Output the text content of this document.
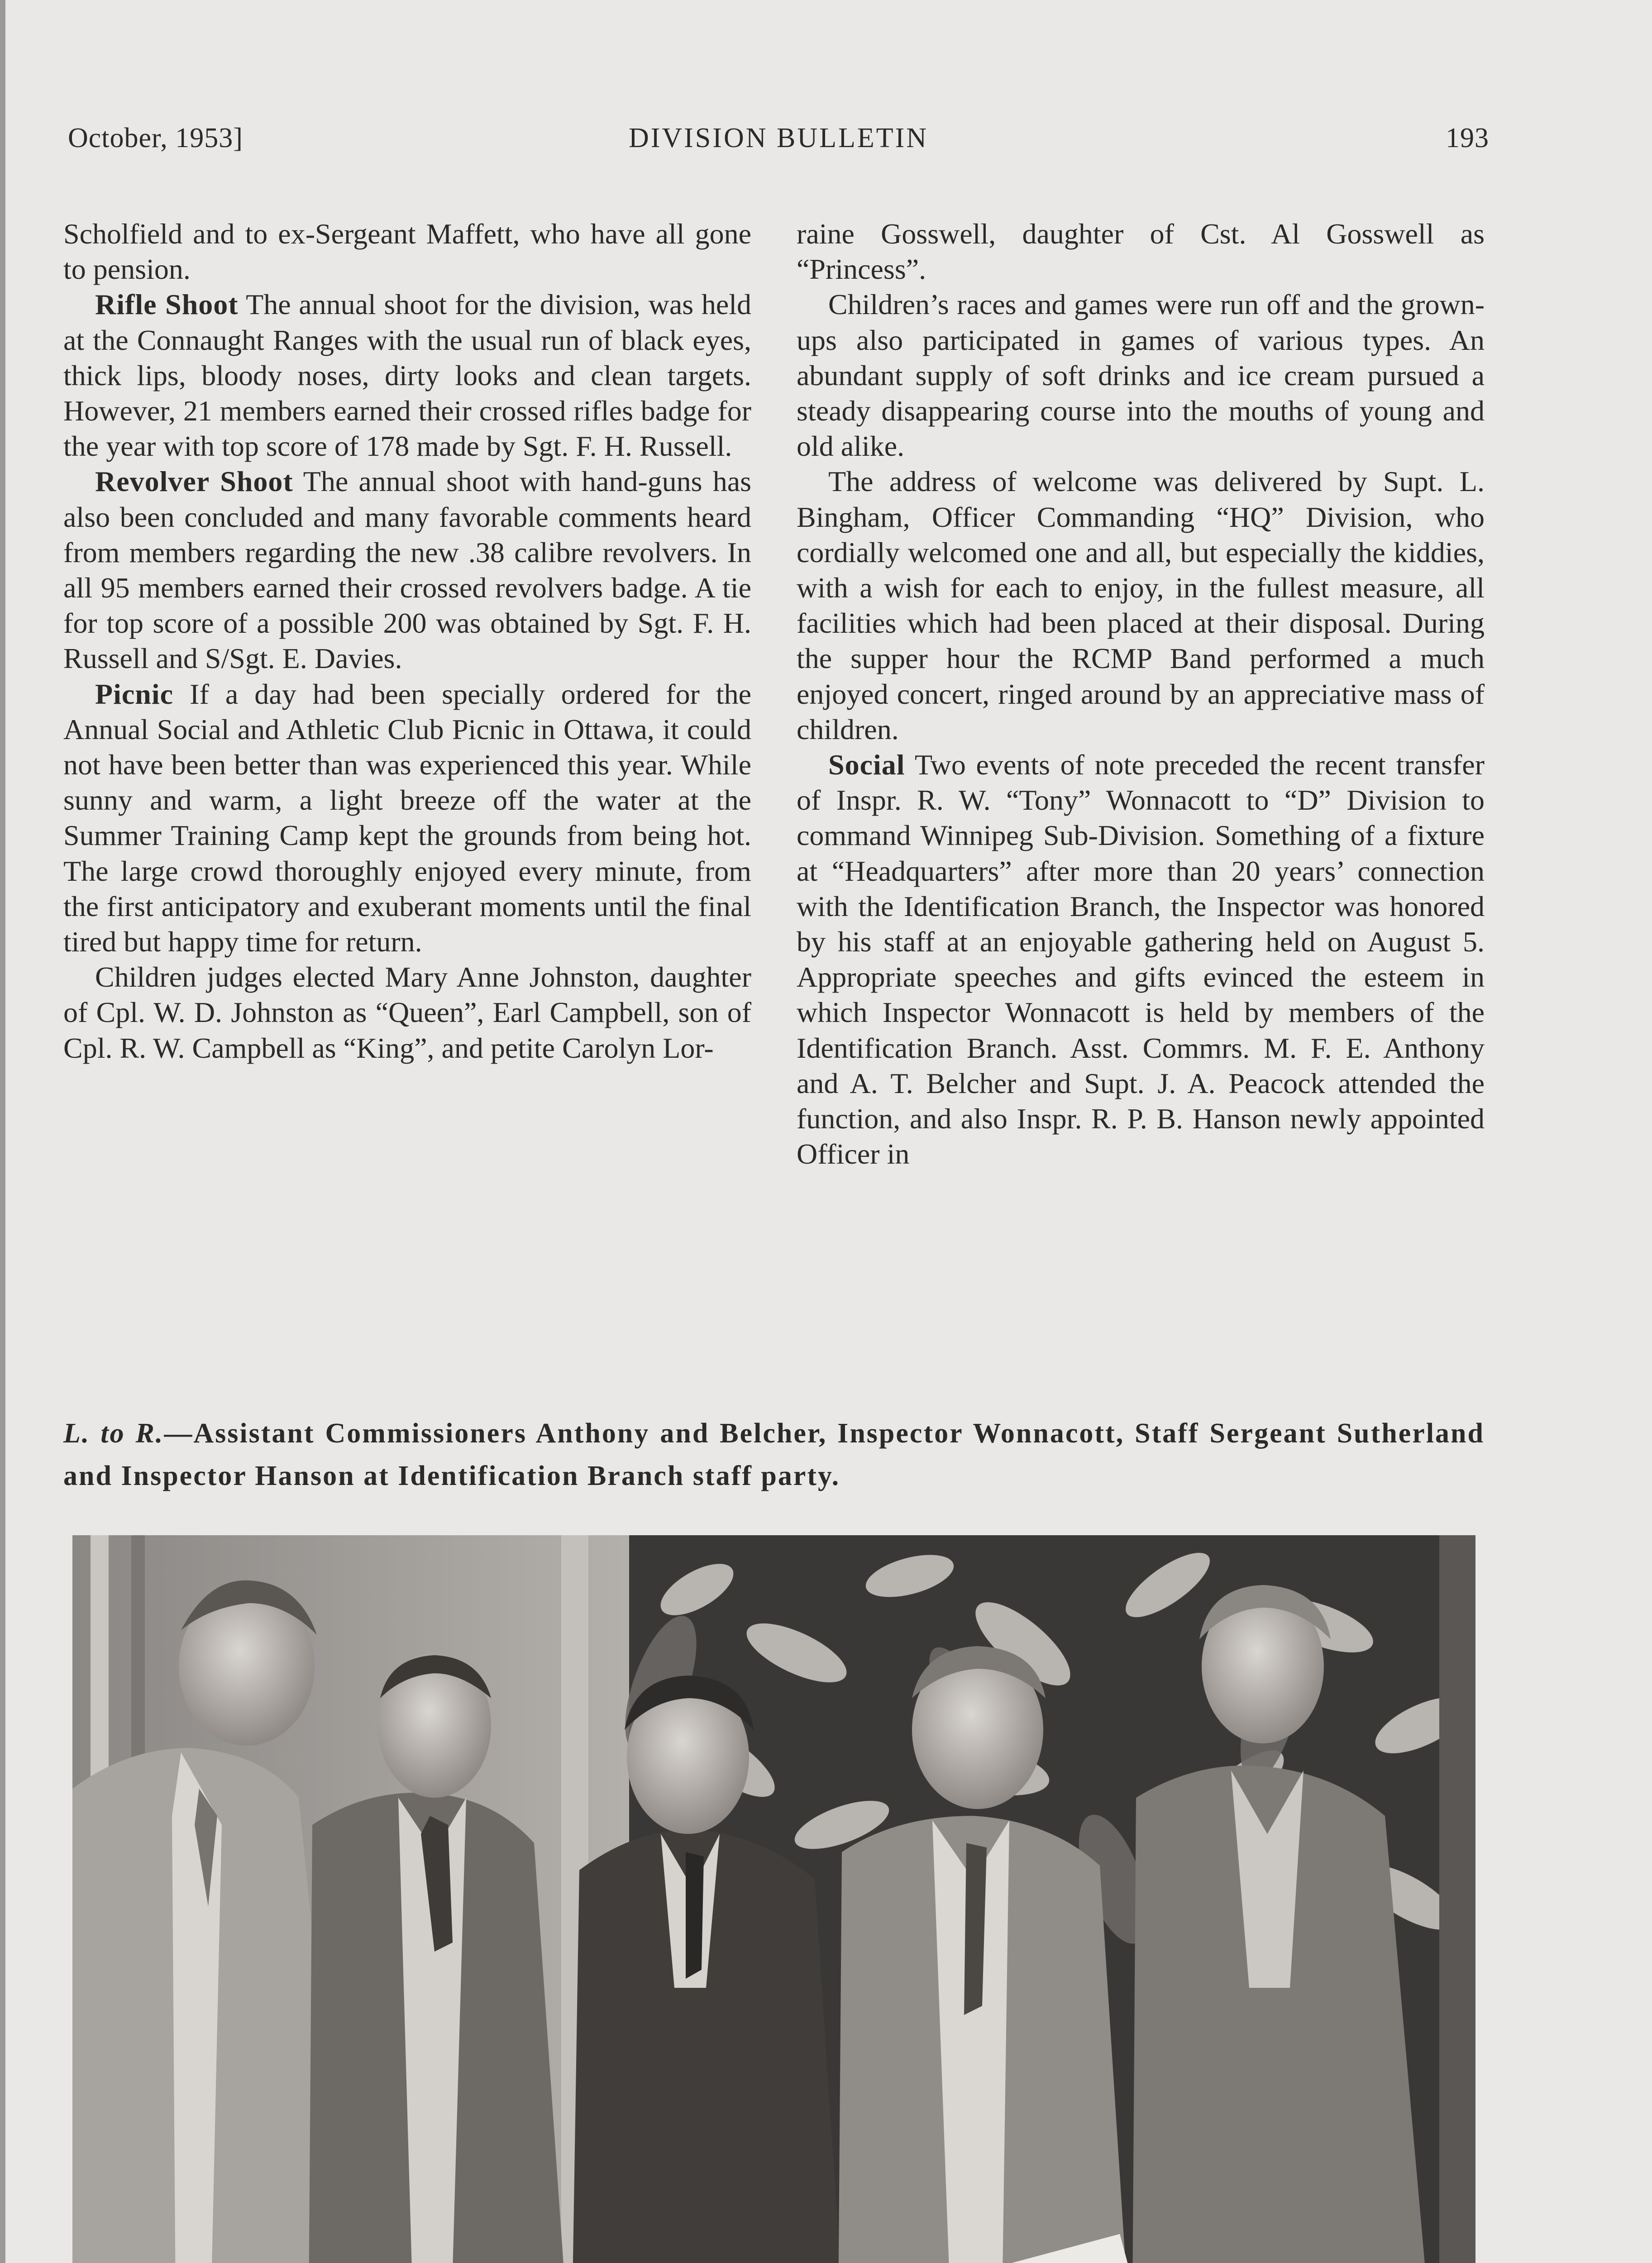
DIVISION BULLETIN
October, 1953]	193

Scholfield and to ex-Sergeant Maffett, who have all gone to pension.

Rifle Shoot The annual shoot for the division, was held at the Connaught Ranges with the usual run of black eyes, thick lips, bloody noses, dirty looks and clean targets. However, 21 members earned their crossed rifles badge for the year with top score of 178 made by Sgt. F. H. Russell.

Revolver Shoot The annual shoot with hand-guns has also been concluded and many favorable comments heard from members regarding the new .38 calibre revolvers. In all 95 members earned their crossed revolvers badge. A tie for top score of a possible 200 was obtained by Sgt. F. H. Russell and S/Sgt. E. Davies.

Picnic If a day had been specially ordered for the Annual Social and Athletic Club Picnic in Ottawa, it could not have been better than was experienced this year. While sunny and warm, a light breeze off the water at the Summer Training Camp kept the grounds from being hot. The large crowd thoroughly enjoyed every minute, from the first anticipatory and exuberant moments until the final tired but happy time for return.

Children judges elected Mary Anne Johnston, daughter of Cpl. W. D. Johnston as “Queen”, Earl Campbell, son of Cpl. R. W. Campbell as “King”, and petite Carolyn Lor-

raine Gosswell, daughter of Cst. Al Gosswell as “Princess”.

Children’s races and games were run off and the grown-ups also participated in games of various types. An abundant supply of soft drinks and ice cream pursued a steady disappearing course into the mouths of young and old alike.

The address of welcome was delivered by Supt. L. Bingham, Officer Commanding “HQ” Division, who cordially welcomed one and all, but especially the kiddies, with a wish for each to enjoy, in the fullest measure, all facilities which had been placed at their disposal. During the supper hour the RCMP Band performed a much enjoyed concert, ringed around by an appreciative mass of children.

Social Two events of note preceded the recent transfer of Inspr. R. W. “Tony” Wonnacott to “D” Division to command Winnipeg Sub-Division. Something of a fixture at “Headquarters” after more than 20 years’ connection with the Identification Branch, the Inspector was honored by his staff at an enjoyable gathering held on August 5. Appropriate speeches and gifts evinced the esteem in which Inspector Wonnacott is held by members of the Identification Branch. Asst. Commrs. M. F. E. Anthony and A. T. Belcher and Supt. J. A. Peacock attended the function, and also Inspr. R. P. B. Hanson newly appointed Officer in

L. to R.—Assistant Commissioners Anthony and Belcher, Inspector Wonnacott, Staff Sergeant Sutherland and Inspector Hanson at Identification Branch staff party.
